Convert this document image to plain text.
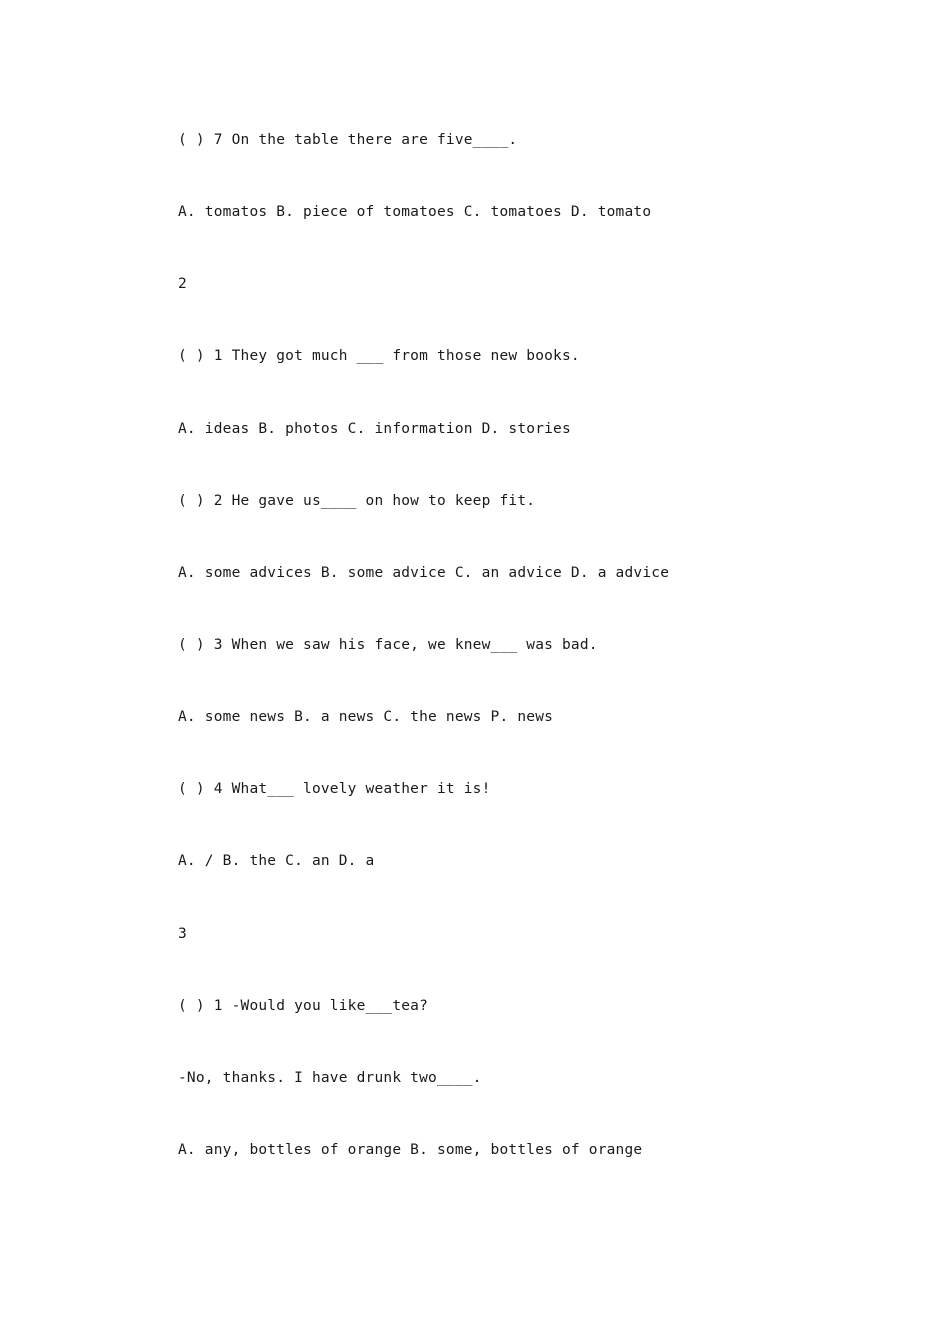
( ) 7 On the table there are five____.
A. tomatos B. piece of tomatoes C. tomatoes D. tomato
2
( ) 1 They got much ___ from those new books.
A. ideas B. photos C. information D. stories
( ) 2 He gave us____ on how to keep fit.
A. some advices B. some advice C. an advice D. a advice
( ) 3 When we saw his face, we knew___ was bad.
A. some news B. a news C. the news P. news
( ) 4 What___ lovely weather it is!
A. / B. the C. an D. a
3
( ) 1 -Would you like___tea?
-No, thanks. I have drunk two____.
A. any, bottles of orange B. some, bottles of orange
